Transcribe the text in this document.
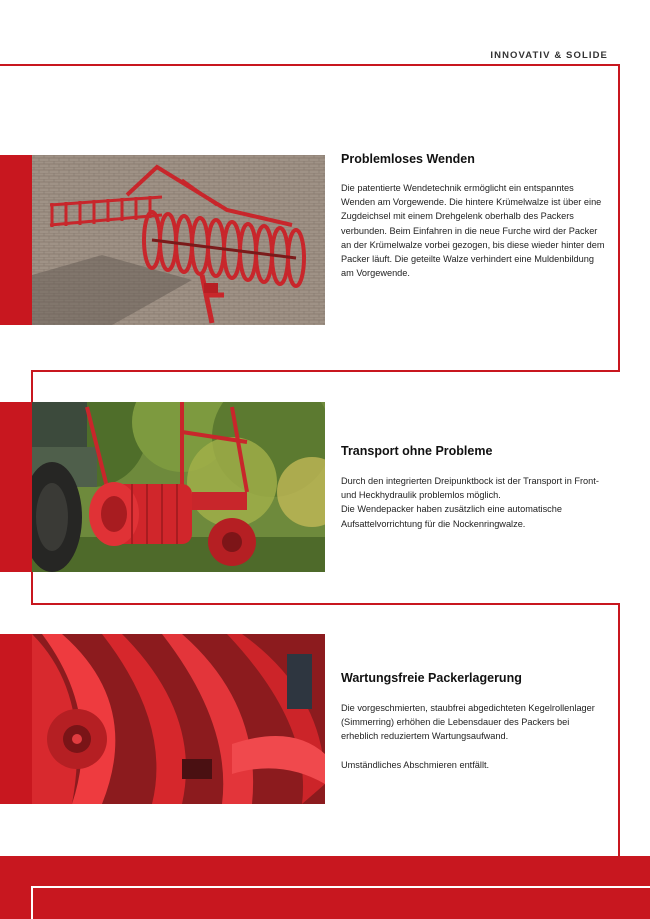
INNOVATIV & SOLIDE
Problemloses Wenden

Die patentierte Wendetechnik ermöglicht ein entspanntes Wenden am Vorgewende. Die hintere Krümelwalze ist über eine Zugdeichsel mit einem Drehgelenk oberhalb des Packers verbunden. Beim Einfahren in die neue Furche wird der Packer an der Krümelwalze vorbei gezogen, bis diese wieder hinter dem Packer läuft. Die geteilte Walze verhindert eine Muldenbildung am Vorgewende.

Transport ohne Probleme

Durch den integrierten Dreipunktbock ist der Transport in Front- und Heckhydraulik problemlos möglich.
Die Wendepacker haben zusätzlich eine automatische Aufsattelvorrichtung für die Nockenringwalze.

Wartungsfreie Packerlagerung

Die vorgeschmierten, staubfrei abgedichteten Kegelrollenlager (Simmerring) erhöhen die Lebensdauer des Packers bei erheblich reduziertem Wartungsaufwand.

Umständliches Abschmieren entfällt.
